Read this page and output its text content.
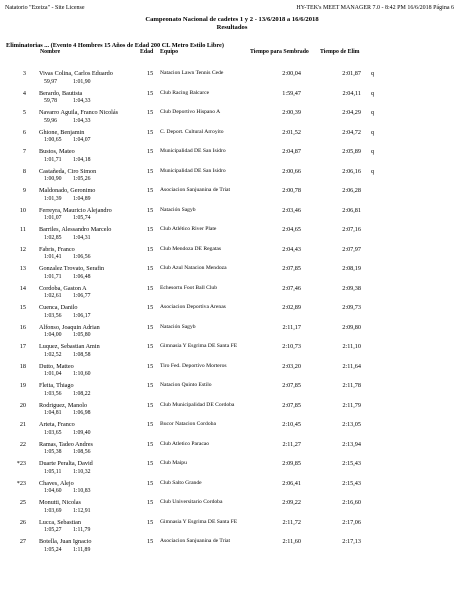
Natatorio "Ezeiza" - Site License	HY-TEK's MEET MANAGER 7.0 - 8:42 PM 16/6/2018 Página 6
Campeonato Nacional de cadetes 1 y 2 - 13/6/2018 a 16/6/2018
Resultados
Eliminatorias ... (Evento 4 Hombres 15 Años de Edad 200 CL Metro Estilo Libre)
Nombre	Edad Equipo	Tiempo para Sembrado Tiempo de Elim
3 Vivas Colina, Carlos Eduardo	15 Natacion Lawn Tennis Cede	2:00,04	2:01,87 q
59,97	1:01,90
4 Berardo, Bautista	15 Club Racing Balcarce	1:59,47	2:04,11 q
59,78	1:04,33
5 Navarro Aguila, Franco Nicolás	15 Club Deportivo Hispano A	2:00,39	2:04,29 q
59,96	1:04,33
6 Ghione, Benjamin	15 C. Deport. Cultural Arroyito	2:01,52	2:04,72 q
1:00,65 1:04,07
7 Bustos, Mateo	15 Municipalidad DE San Isidro	2:04,87	2:05,89 q
1:01,71 1:04,18
8 Castañeda, Ciro Simon	15 Municipalidad DE San Isidro	2:00,66	2:06,16 q
1:00,90 1:05,26
9 Maldonado, Geronimo	15 Asociacion Sanjuanina de Triat	2:00,78	2:06,28
1:01,39 1:04,89
10 Ferreyra, Mauricio Alejandro	15 Natación Sagyb	2:03,46	2:06,81
1:01,07 1:05,74
11 Barriles, Alessandro Marcelo	15 Club Atlético River Plate	2:04,65	2:07,16
1:02,85 1:04,31
12 Fabris, Franco	15 Club Mendoza DE Regatas	2:04,43	2:07,97
1:01,41 1:06,56
13 Gonzalez Trovato, Serafin	15 Club Azul Natacion Mendoza	2:07,85	2:08,19
1:01,71 1:06,48
14 Cordoba, Gaston A	15 Echesortu Foot Ball Club	2:07,46	2:09,38
1:02,61 1:06,77
15 Cuenca, Danilo	15 Asociacion Deportiva Arenas	2:02,89	2:09,73
1:03,56 1:06,17
16 Alfonso, Joaquin Adrian	15 Natación Sagyb	2:11,17	2:09,80
1:04,00 1:05,80
17 Luquez, Sebastian Amin	15 Gimnasia Y Esgrima DE Santa FE	2:10,73	2:11,10
1:02,52 1:08,58
18 Dutto, Matteo	15 Tiro Fed. Deportivo Morteros	2:03,20	2:11,64
1:01,04 1:10,60
19 Fleita, Thiago	15 Natacion Quinto Estilo	2:07,85	2:11,78
1:03,56 1:08,22
20 Rodriguez, Manolo	15 Club Municipalidad DE Cordoba	2:07,85	2:11,79
1:04,81 1:06,98
21 Arteta, Franco	15 Bucor Natacion Cordoba	2:10,45	2:13,05
1:03,65 1:09,40
22 Ramas, Tadeo Andres	15 Club Atletico Paracao	2:11,27	2:13,94
1:05,38 1:08,56
*23 Duarte Peralta, David	15 Club Maipu	2:09,85	2:15,43
1:05,11 1:10,32
*23 Chaves, Alejo	15 Club Salto Grande	2:06,41	2:15,43
1:04,60 1:10,83
25 Monutti, Nicolas	15 Club Universitario Cordoba	2:09,22	2:16,60
1:03,69 1:12,91
26 Lucca, Sebastian	15 Gimnasia Y Esgrima DE Santa FE	2:11,72	2:17,06
1:05,27 1:11,79
27 Botella, Juan Ignacio	15 Asociacion Sanjuanina de Triat	2:11,60	2:17,13
1:05,24 1:11,89
